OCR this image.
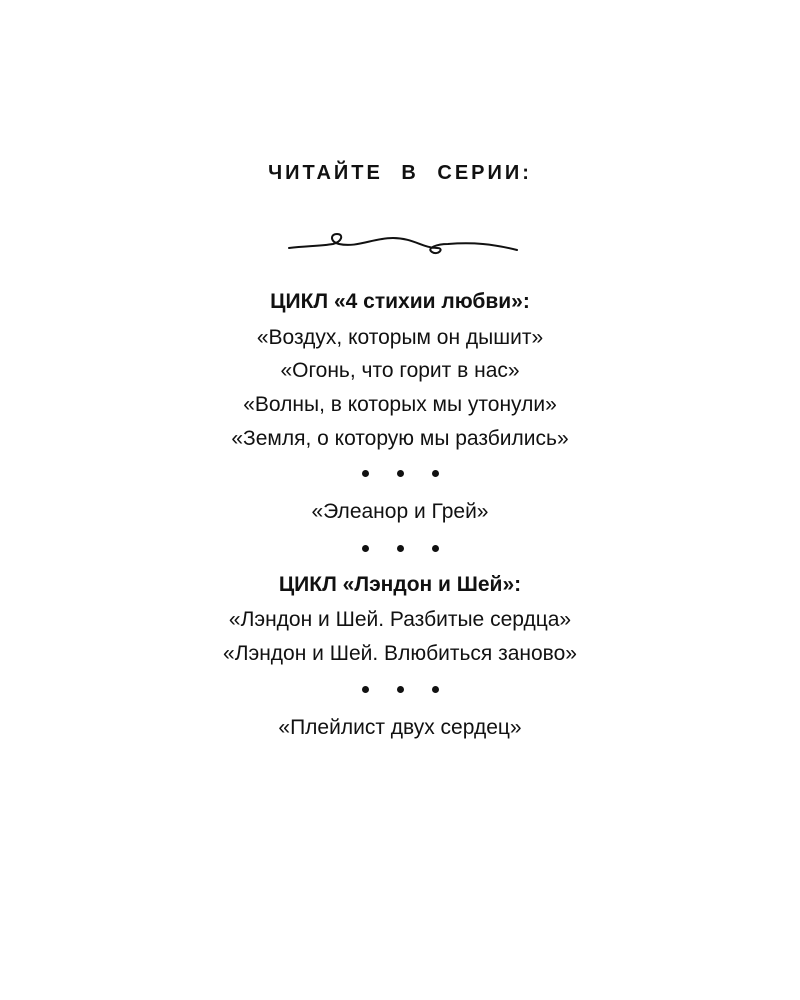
ЧИТАЙТЕ В СЕРИИ:
ЦИКЛ «4 стихии любви»:
«Воздух, которым он дышит»
«Огонь, что горит в нас»
«Волны, в которых мы утонули»
«Земля, о которую мы разбились»
«Элеанор и Грей»
ЦИКЛ «Лэндон и Шей»:
«Лэндон и Шей. Разбитые сердца»
«Лэндон и Шей. Влюбиться заново»
«Плейлист двух сердец»
